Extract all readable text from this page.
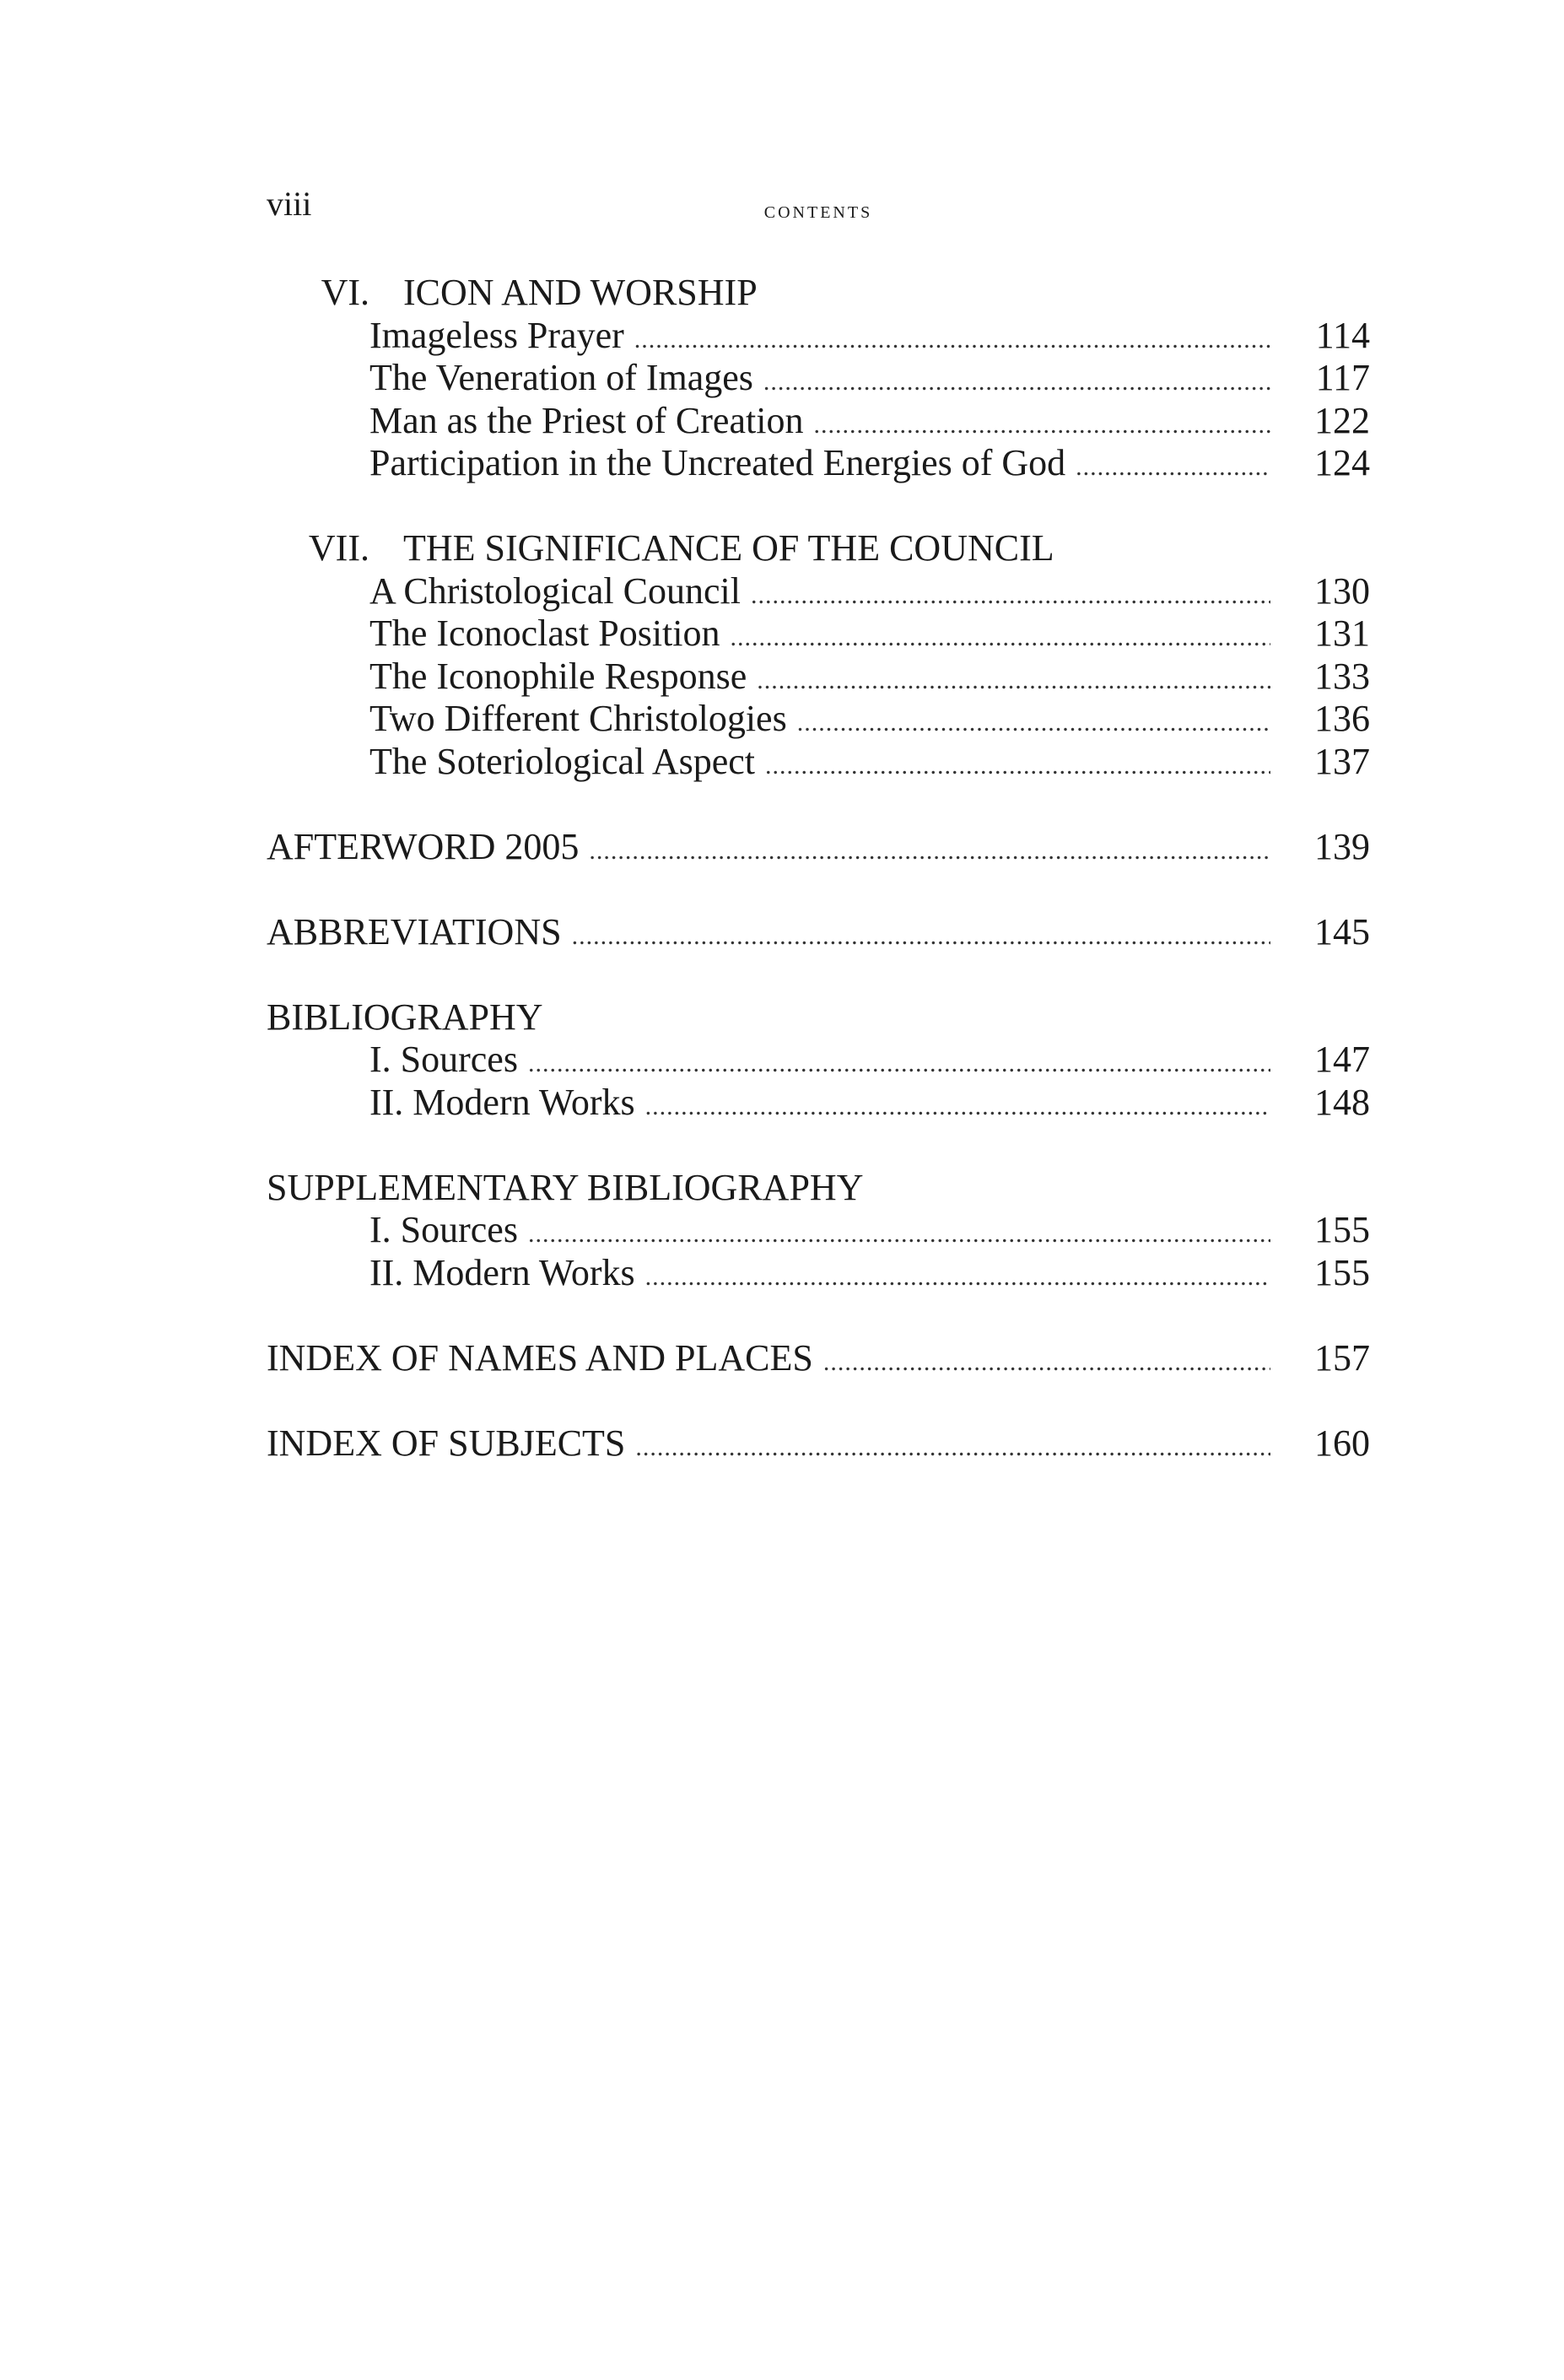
viii	contents
VI. ICON AND WORSHIP
Imageless Prayer .....	114
The Veneration of Images .....	117
Man as the Priest of Creation .....	122
Participation in the Uncreated Energies of God .....	124
VII. THE SIGNIFICANCE OF THE COUNCIL
A Christological Council .....	130
The Iconoclast Position .....	131
The Iconophile Response .....	133
Two Different Christologies .....	136
The Soteriological Aspect .....	137
AFTERWORD 2005 .....	139
ABBREVIATIONS .....	145
BIBLIOGRAPHY
I. Sources .....	147
II. Modern Works .....	148
SUPPLEMENTARY BIBLIOGRAPHY
I. Sources .....	155
II. Modern Works .....	155
INDEX OF NAMES AND PLACES .....	157
INDEX OF SUBJECTS .....	160
